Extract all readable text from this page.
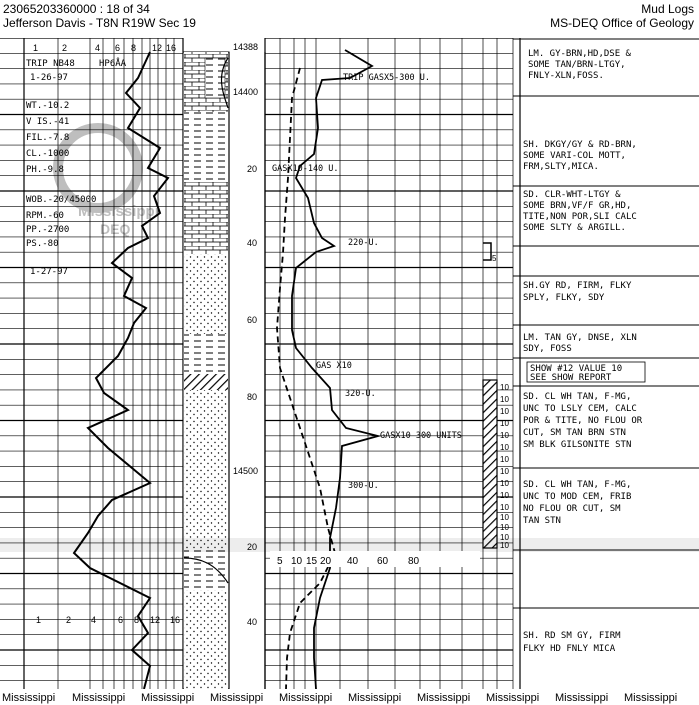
23065203360000 : 18 of 34
Jefferson Davis - T8N R19W Sec 19
Mud Logs
MS-DEQ Office of Geology
1	2	4 6 8 12 16
1	2 4 6 8 12 16
TRIP NB48	HP6ÅA
1-26-97
1-27-97
WT.-10.2
V IS.-41
FIL.-7.8
CL.-1000
PH.-9.8
WOB.-20/45000
RPM.-60
PP.-2700
PS.-80
Mississippi
DEQ
14388
14400
20
40
60
80
14500
20
40
TRIP GASX5-300 U.
GASX10-140 U.
220-U.
GAS X10
320-U.
GASX10 300 UNITS
300-U.
5 10 15 20 40 60 80
5
10
10
10
10
10
10
10
10
10
10
10
10
10
10
10
LM. GY-BRN,HD,DSE &
SOME TAN/BRN-LTGY,
FNLY-XLN,FOSS.
SH. DKGY/GY & RD-BRN,
SOME VARI-COL MOTT,
FRM,SLTY,MICA.
SD. CLR-WHT-LTGY &
SOME BRN,VF/F GR,HD,
TITE,NON POR,SLI CALC
SOME SLTY & ARGILL.
SH.GY RD, FIRM, FLKY
SPLY, FLKY, SDY
LM. TAN GY, DNSE, XLN
SDY, FOSS
SHOW #12 VALUE 10
SEE SHOW REPORT
SD. CL WH TAN, F-MG,
UNC TO LSLY CEM, CALC
POR & TITE, NO FLOU OR
CUT, SM TAN BRN STN
SM BLK GILSONITE STN
SD. CL WH TAN, F-MG,
UNC TO MOD CEM, FRIB
NO FLOU OR CUT, SM
TAN STN
SH. RD SM GY, FIRM
FLKY HD FNLY MICA
Mississippi Mississippi Mississippi Mississippi Mississippi Mississippi Mississippi Mississippi Mississippi Mississippi
